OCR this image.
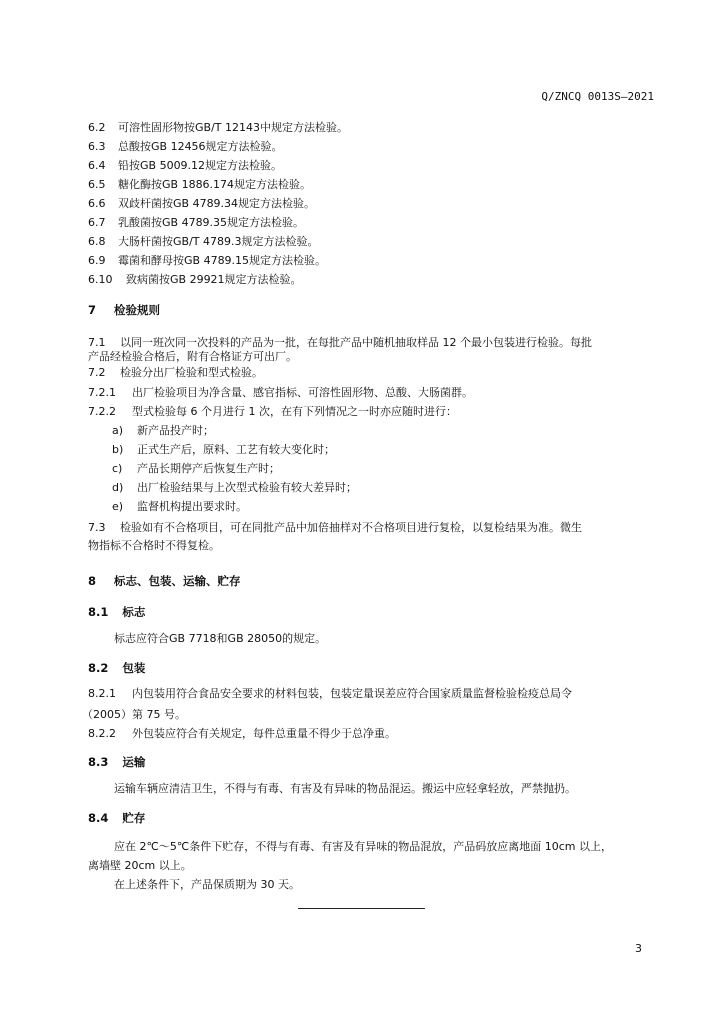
Q/ZNCQ 0013S—2021
6.2 可溶性固形物按GB/T 12143中规定方法检验。
6.3 总酸按GB 12456规定方法检验。
6.4 铅按GB 5009.12规定方法检验。
6.5 糖化酶按GB 1886.174规定方法检验。
6.6 双歧杆菌按GB 4789.34规定方法检验。
6.7 乳酸菌按GB 4789.35规定方法检验。
6.8 大肠杆菌按GB/T 4789.3规定方法检验。
6.9 霉菌和酵母按GB 4789.15规定方法检验。
6.10 致病菌按GB 29921规定方法检验。
7 检验规则
7.1 以同一班次同一次投料的产品为一批，在每批产品中随机抽取样品 12 个最小包装进行检验。每批
产品经检验合格后，附有合格证方可出厂。
7.2 检验分出厂检验和型式检验。
7.2.1 出厂检验项目为净含量、感官指标、可溶性固形物、总酸、大肠菌群。
7.2.2 型式检验每 6 个月进行 1 次，在有下列情况之一时亦应随时进行：
a) 新产品投产时；
b) 正式生产后，原料、工艺有较大变化时；
c) 产品长期停产后恢复生产时；
d) 出厂检验结果与上次型式检验有较大差异时；
e) 监督机构提出要求时。
7.3 检验如有不合格项目，可在同批产品中加倍抽样对不合格项目进行复检，以复检结果为准。微生
物指标不合格时不得复检。
8 标志、包装、运输、贮存
8.1 标志
标志应符合GB 7718和GB 28050的规定。
8.2 包装
8.2.1 内包装用符合食品安全要求的材料包装，包装定量误差应符合国家质量监督检验检疫总局令
（2005）第 75 号。
8.2.2 外包装应符合有关规定，每件总重量不得少于总净重。
8.3 运输
运输车辆应清洁卫生，不得与有毒、有害及有异味的物品混运。搬运中应轻拿轻放，严禁抛扔。
8.4 贮存
应在 2℃～5℃条件下贮存，不得与有毒、有害及有异味的物品混放，产品码放应离地面 10cm 以上，
离墙壁 20cm 以上。
在上述条件下，产品保质期为 30 天。
3
